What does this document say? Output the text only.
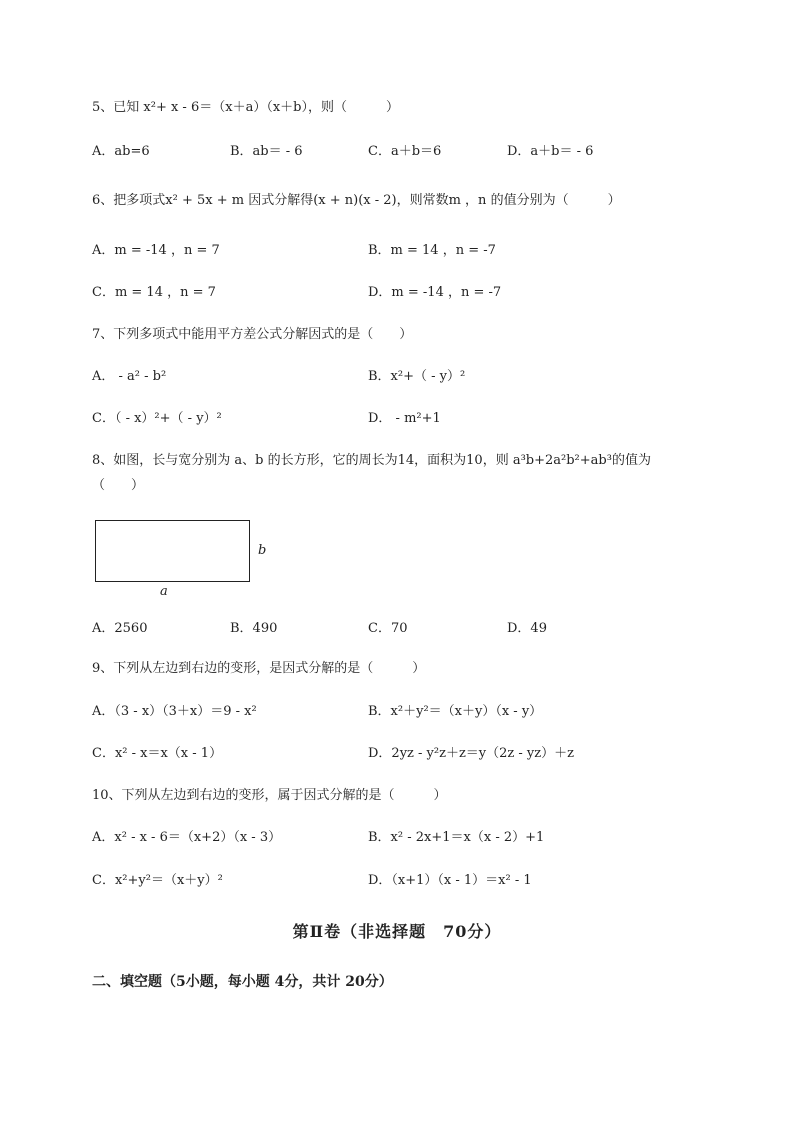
5、已知 x²+ x - 6＝（x＋a）（x＋b），则（　　　）
A．ab=6	B．ab＝ - 6	C．a＋b＝6	D．a＋b＝ - 6
6、把多项式x² + 5x + m 因式分解得(x + n)(x - 2)，则常数m ，n 的值分别为（　　　）
A．m = -14 ，n = 7	B．m = 14 ，n = -7
C．m = 14 ，n = 7	D．m = -14 ，n = -7
7、下列多项式中能用平方差公式分解因式的是（　　）
A． - a² - b²	B．x²+（ - y）²
C．（ - x）²+（ - y）²	D． - m²+1
8、如图，长与宽分别为 a、b 的长方形，它的周长为14，面积为10，则 a³b+2a²b²+ab³的值为
（　　）
b
a
A．2560	B．490	C．70	D．49
9、下列从左边到右边的变形，是因式分解的是（　　　）
A．（3 - x）（3＋x）＝9 - x²	B．x²＋y²＝（x＋y）（x - y）
C．x² - x＝x（x - 1）	D．2yz - y²z＋z＝y（2z - yz）＋z
10、下列从左边到右边的变形，属于因式分解的是（　　　）
A．x² - x - 6＝（x+2）（x - 3）	B．x² - 2x+1＝x（x - 2）+1
C．x²+y²＝（x＋y）²	D．（x+1）（x - 1）＝x² - 1
第Ⅱ卷（非选择题　70分）
二、填空题（5小题，每小题 4分，共计 20分）
